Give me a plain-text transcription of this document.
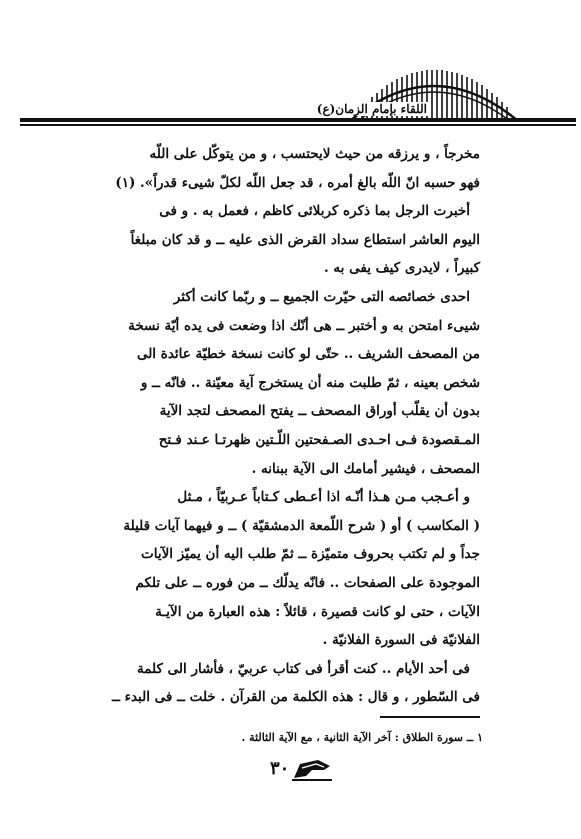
اللقاء بإمام الزمان(ع)
مخرجاً ، و يرزقه من حيث لايحتسب ، و من يتوكّل على اللّه
فهو حسبه انّ اللّه بالغ أمره ، قد جعل اللّه لكلّ شيىء قدراً». (١)
أخبرت الرجل بما ذكره كربلائى كاظم ، فعمل به . و فى
اليوم العاشر استطاع سداد القرض الذى عليه ــ و قد كان مبلغاً
كبيراً ، لايدرى كيف يفى به .
احدى خصائصه التى حيّرت الجميع ــ و ربّما كانت أكثر
شيىء امتحن به و أختبر ــ هى أنّك اذا وضعت فى يده أيّة نسخة
من المصحف الشريف .. حتّى لو كانت نسخة خطيّة عائدة الى
شخص بعينه ، ثمّ طلبت منه أن يستخرج آية معيّنة .. فانّه ــ و
بدون أن يقلّب أوراق المصحف ــ يفتح المصحف لتجد الآية
المـقصودة فـى احـدى الصـفحتين اللّـتين ظهرتـا عـند فـتح
المصحف ، فيشير أمامك الى الآية ببنانه .
و أعـجب مـن هـذا أنّـه اذا أعـطى كـتاباً عـربيّاً ، مـثل
( المكاسب ) أو ( شرح اللّمعة الدمشقيّة ) ــ و فيهما آيات قليلة
جداً و لم تكتب بحروف متميّزة ــ ثمّ طلب اليه أن يميّز الآيات
الموجودة على الصفحات .. فانّه يدلّك ــ من فوره ــ على تلكم
الآيات ، حتى لو كانت قصيرة ، قائلاً : هذه العبارة من الآيـة
الفلانيّة فى السورة الفلانيّة .
فى أحد الأيام .. كنت أقرأ فى كتاب عربيّ ، فأشار الى كلمة
فى السّطور ، و قال : هذه الكلمة من القرآن . خلت ــ فى البدء ــ
١ ــ سورة الطلاق : آخر الآية الثانية ، مع الآية الثالثة .
٣٠
